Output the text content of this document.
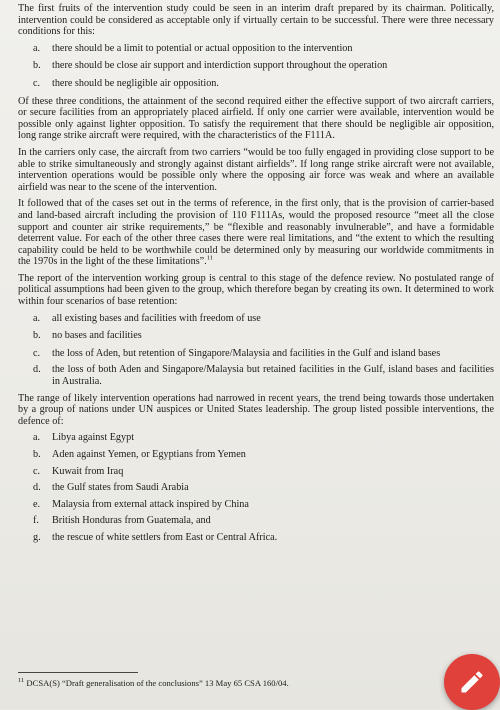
The first fruits of the intervention study could be seen in an interim draft prepared by its chairman. Politically, intervention could be considered as acceptable only if virtually certain to be successful. There were three necessary conditions for this:

a. there should be a limit to potential or actual opposition to the intervention
b. there should be close air support and interdiction support throughout the operation
c. there should be negligible air opposition.

Of these three conditions, the attainment of the second required either the effective support of two aircraft carriers, or secure facilities from an appropriately placed airfield. If only one carrier were available, intervention would be possible only against lighter opposition. To satisfy the requirement that there should be negligible air opposition, long range strike aircraft were required, with the characteristics of the F111A.

In the carriers only case, the aircraft from two carriers “would be too fully engaged in providing close support to be able to strike simultaneously and strongly against distant airfields”. If long range strike aircraft were not available, intervention operations would be possible only where the opposing air force was weak and where an available airfield was near to the scene of the intervention.

It followed that of the cases set out in the terms of reference, in the first only, that is the provision of carrier-based and land-based aircraft including the provision of 110 F111As, would the proposed resource “meet all the close support and counter air strike requirements,” be “flexible and reasonably invulnerable”, and have a formidable deterrent value. For each of the other three cases there were real limitations, and “the extent to which the resulting capability could be held to be worthwhile could be determined only by measuring our worldwide commitments in the 1970s in the light of the these limitations”.$^{11}$

The report of the intervention working group is central to this stage of the defence review. No postulated range of political assumptions had been given to the group, which therefore began by creating its own. It determined to work within four scenarios of base retention:

a. all existing bases and facilities with freedom of use
b. no bases and facilities
c. the loss of Aden, but retention of Singapore/Malaysia and facilities in the Gulf and island bases
d. the loss of both Aden and Singapore/Malaysia but retained facilities in the Gulf, island bases and facilities in Australia.

The range of likely intervention operations had narrowed in recent years, the trend being towards those undertaken by a group of nations under UN auspices or United States leadership. The group listed possible interventions, the defence of:

a. Libya against Egypt
b. Aden against Yemen, or Egyptians from Yemen
c. Kuwait from Iraq
d. the Gulf states from Saudi Arabia
e. Malaysia from external attack inspired by China
f. British Honduras from Guatemala, and
g. the rescue of white settlers from East or Central Africa.
$^{11}$ DCSA(S) “Draft generalisation of the conclusions” 13 May 65 CSA 160/04.
